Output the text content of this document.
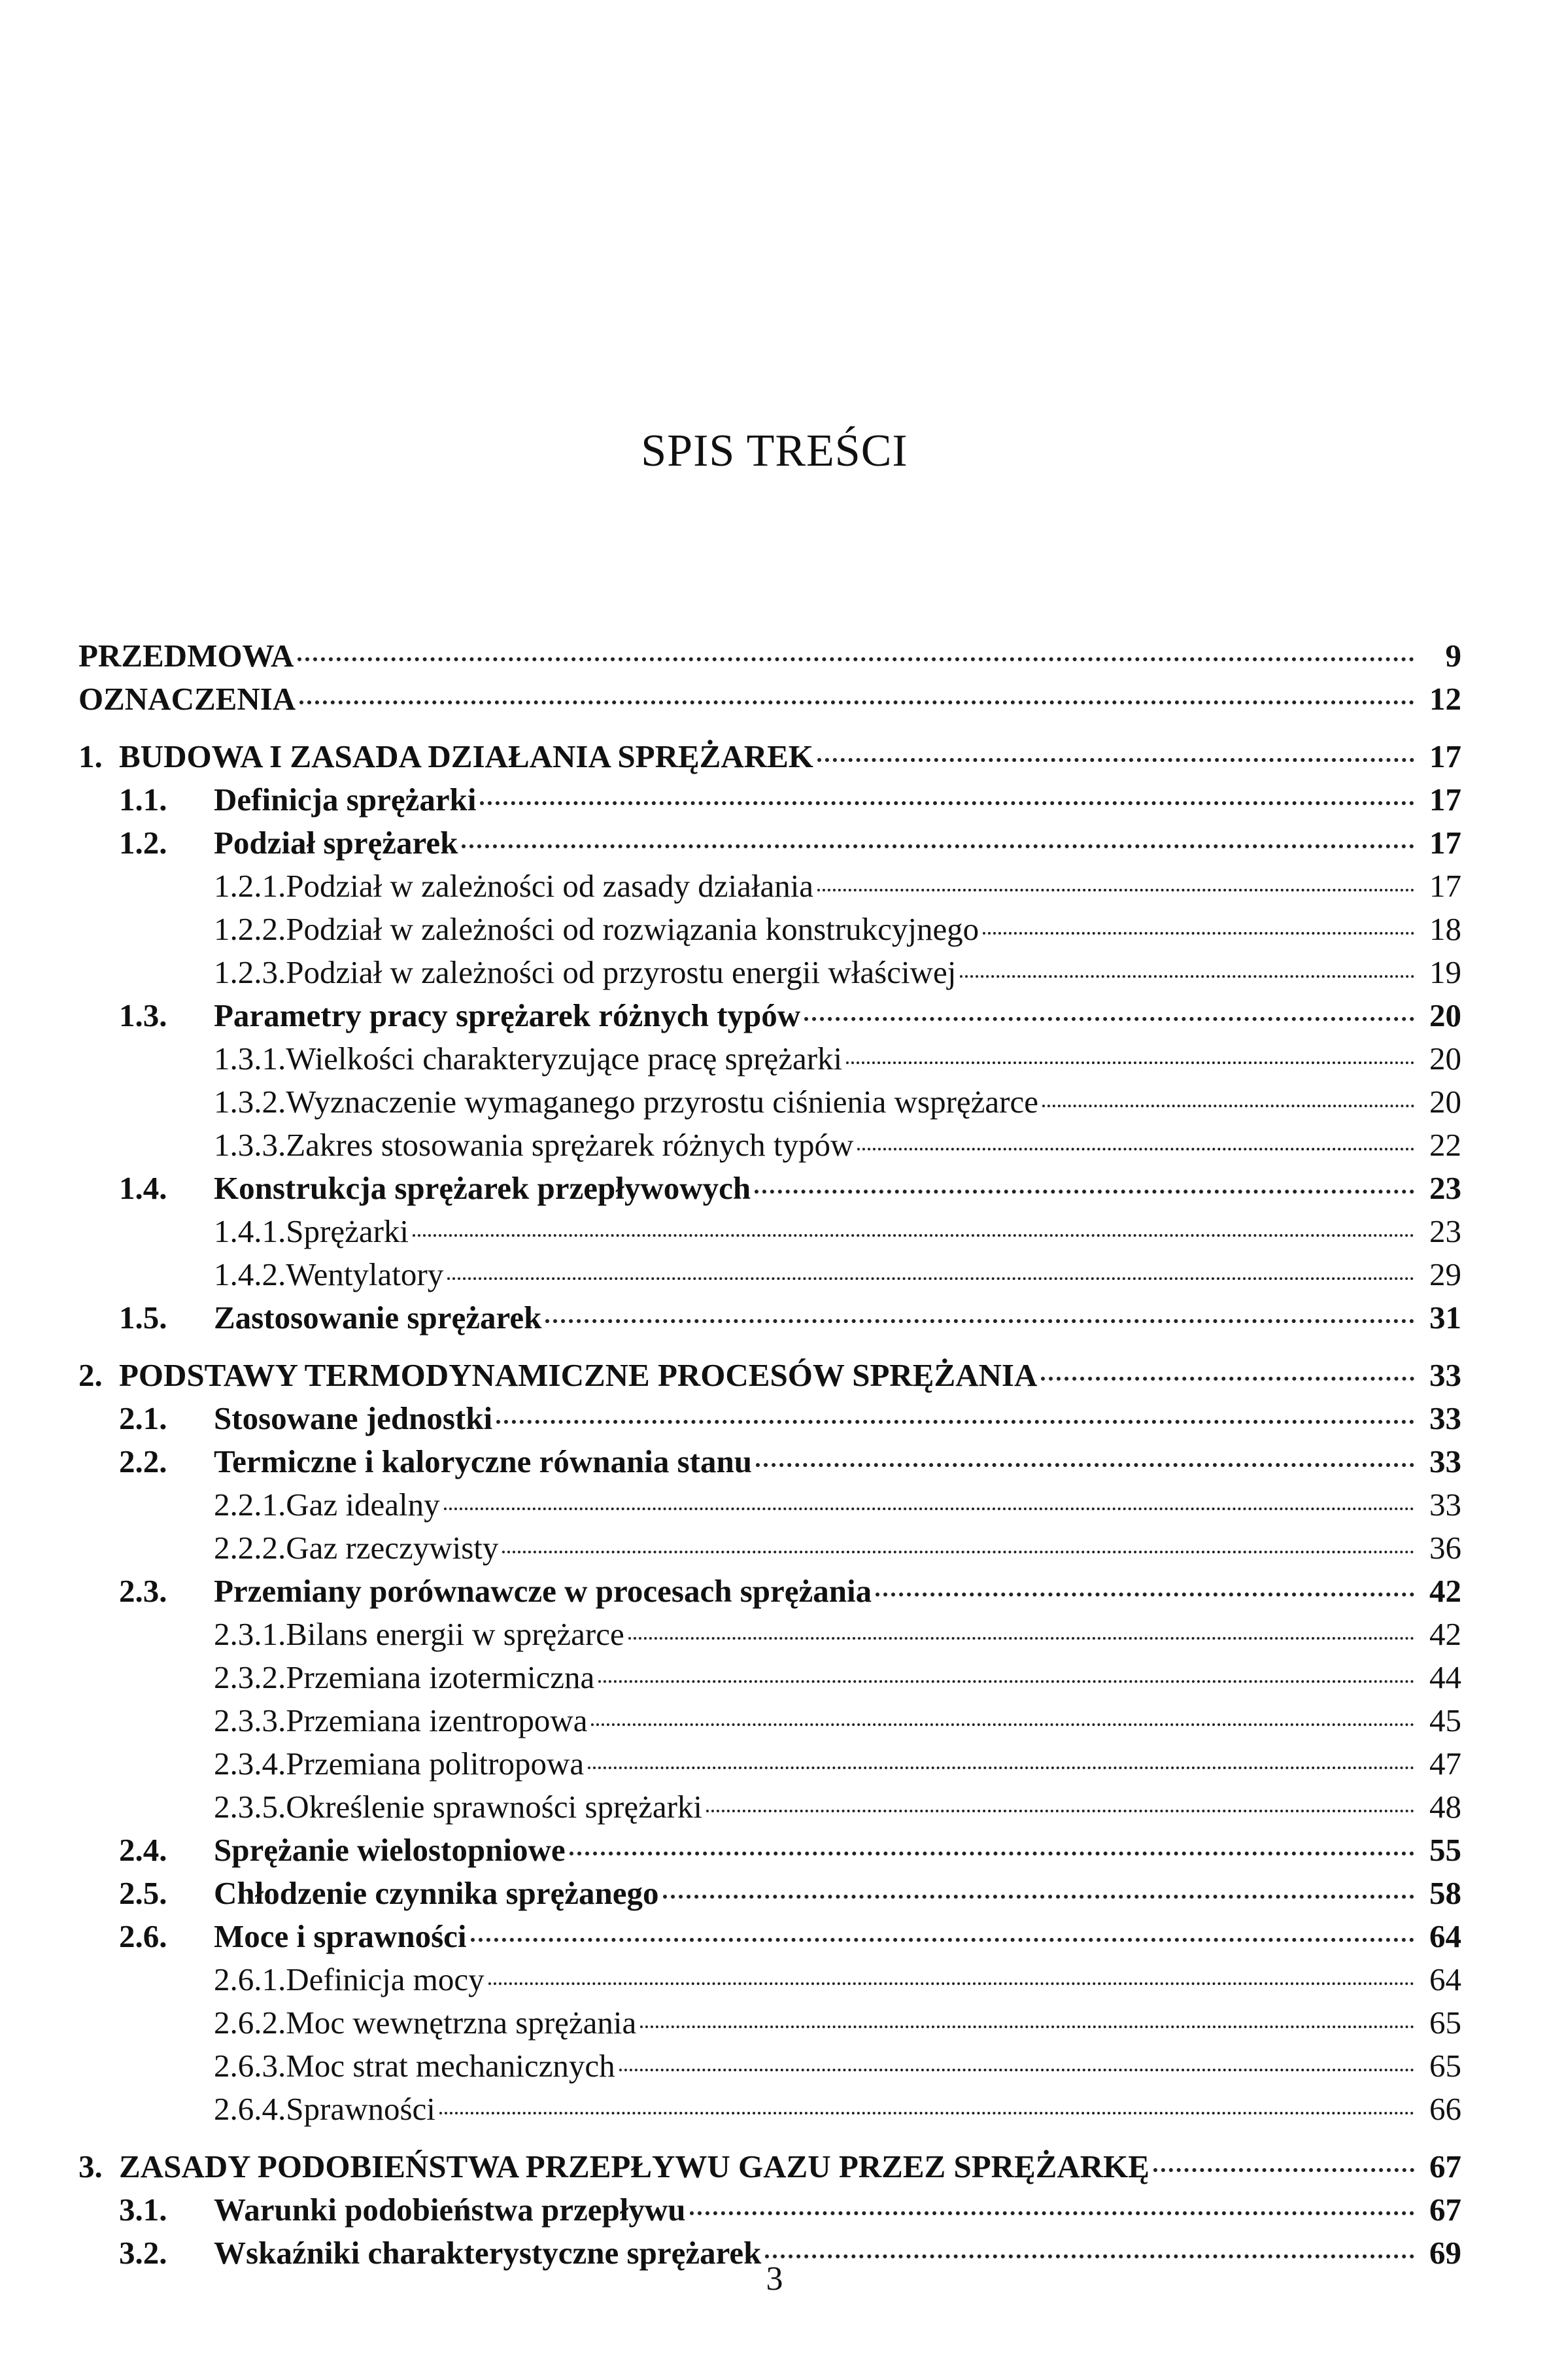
SPIS TREŚCI
PRZEDMOWA	9
OZNACZENIA	12
1. BUDOWA I ZASADA DZIAŁANIA SPRĘŻAREK	17
1.1.	Definicja sprężarki	17
1.2.	Podział sprężarek	17
1.2.1. Podział w zależności od zasady działania	17
1.2.2. Podział w zależności od rozwiązania konstrukcyjnego	18
1.2.3. Podział w zależności od przyrostu energii właściwej	19
1.3.	Parametry pracy sprężarek różnych typów	20
1.3.1. Wielkości charakteryzujące pracę sprężarki	20
1.3.2. Wyznaczenie wymaganego przyrostu ciśnienia wsprężarce	20
1.3.3. Zakres stosowania sprężarek różnych typów	22
1.4.	Konstrukcja sprężarek przepływowych	23
1.4.1. Sprężarki	23
1.4.2. Wentylatory	29
1.5.	Zastosowanie sprężarek	31
2. PODSTAWY TERMODYNAMICZNE PROCESÓW SPRĘŻANIA	33
2.1.	Stosowane jednostki	33
2.2.	Termiczne i kaloryczne równania stanu	33
2.2.1. Gaz idealny	33
2.2.2. Gaz rzeczywisty	36
2.3.	Przemiany porównawcze w procesach sprężania	42
2.3.1. Bilans energii w sprężarce	42
2.3.2. Przemiana izotermiczna	44
2.3.3. Przemiana izentropowa	45
2.3.4. Przemiana politropowa	47
2.3.5. Określenie sprawności sprężarki	48
2.4.	Sprężanie wielostopniowe	55
2.5.	Chłodzenie czynnika sprężanego	58
2.6.	Moce i sprawności	64
2.6.1. Definicja mocy	64
2.6.2. Moc wewnętrzna sprężania	65
2.6.3. Moc strat mechanicznych	65
2.6.4. Sprawności	66
3. ZASADY PODOBIEŃSTWA PRZEPŁYWU GAZU PRZEZ SPRĘŻARKĘ	67
3.1.	Warunki podobieństwa przepływu	67
3.2.	Wskaźniki charakterystyczne sprężarek	69
3
